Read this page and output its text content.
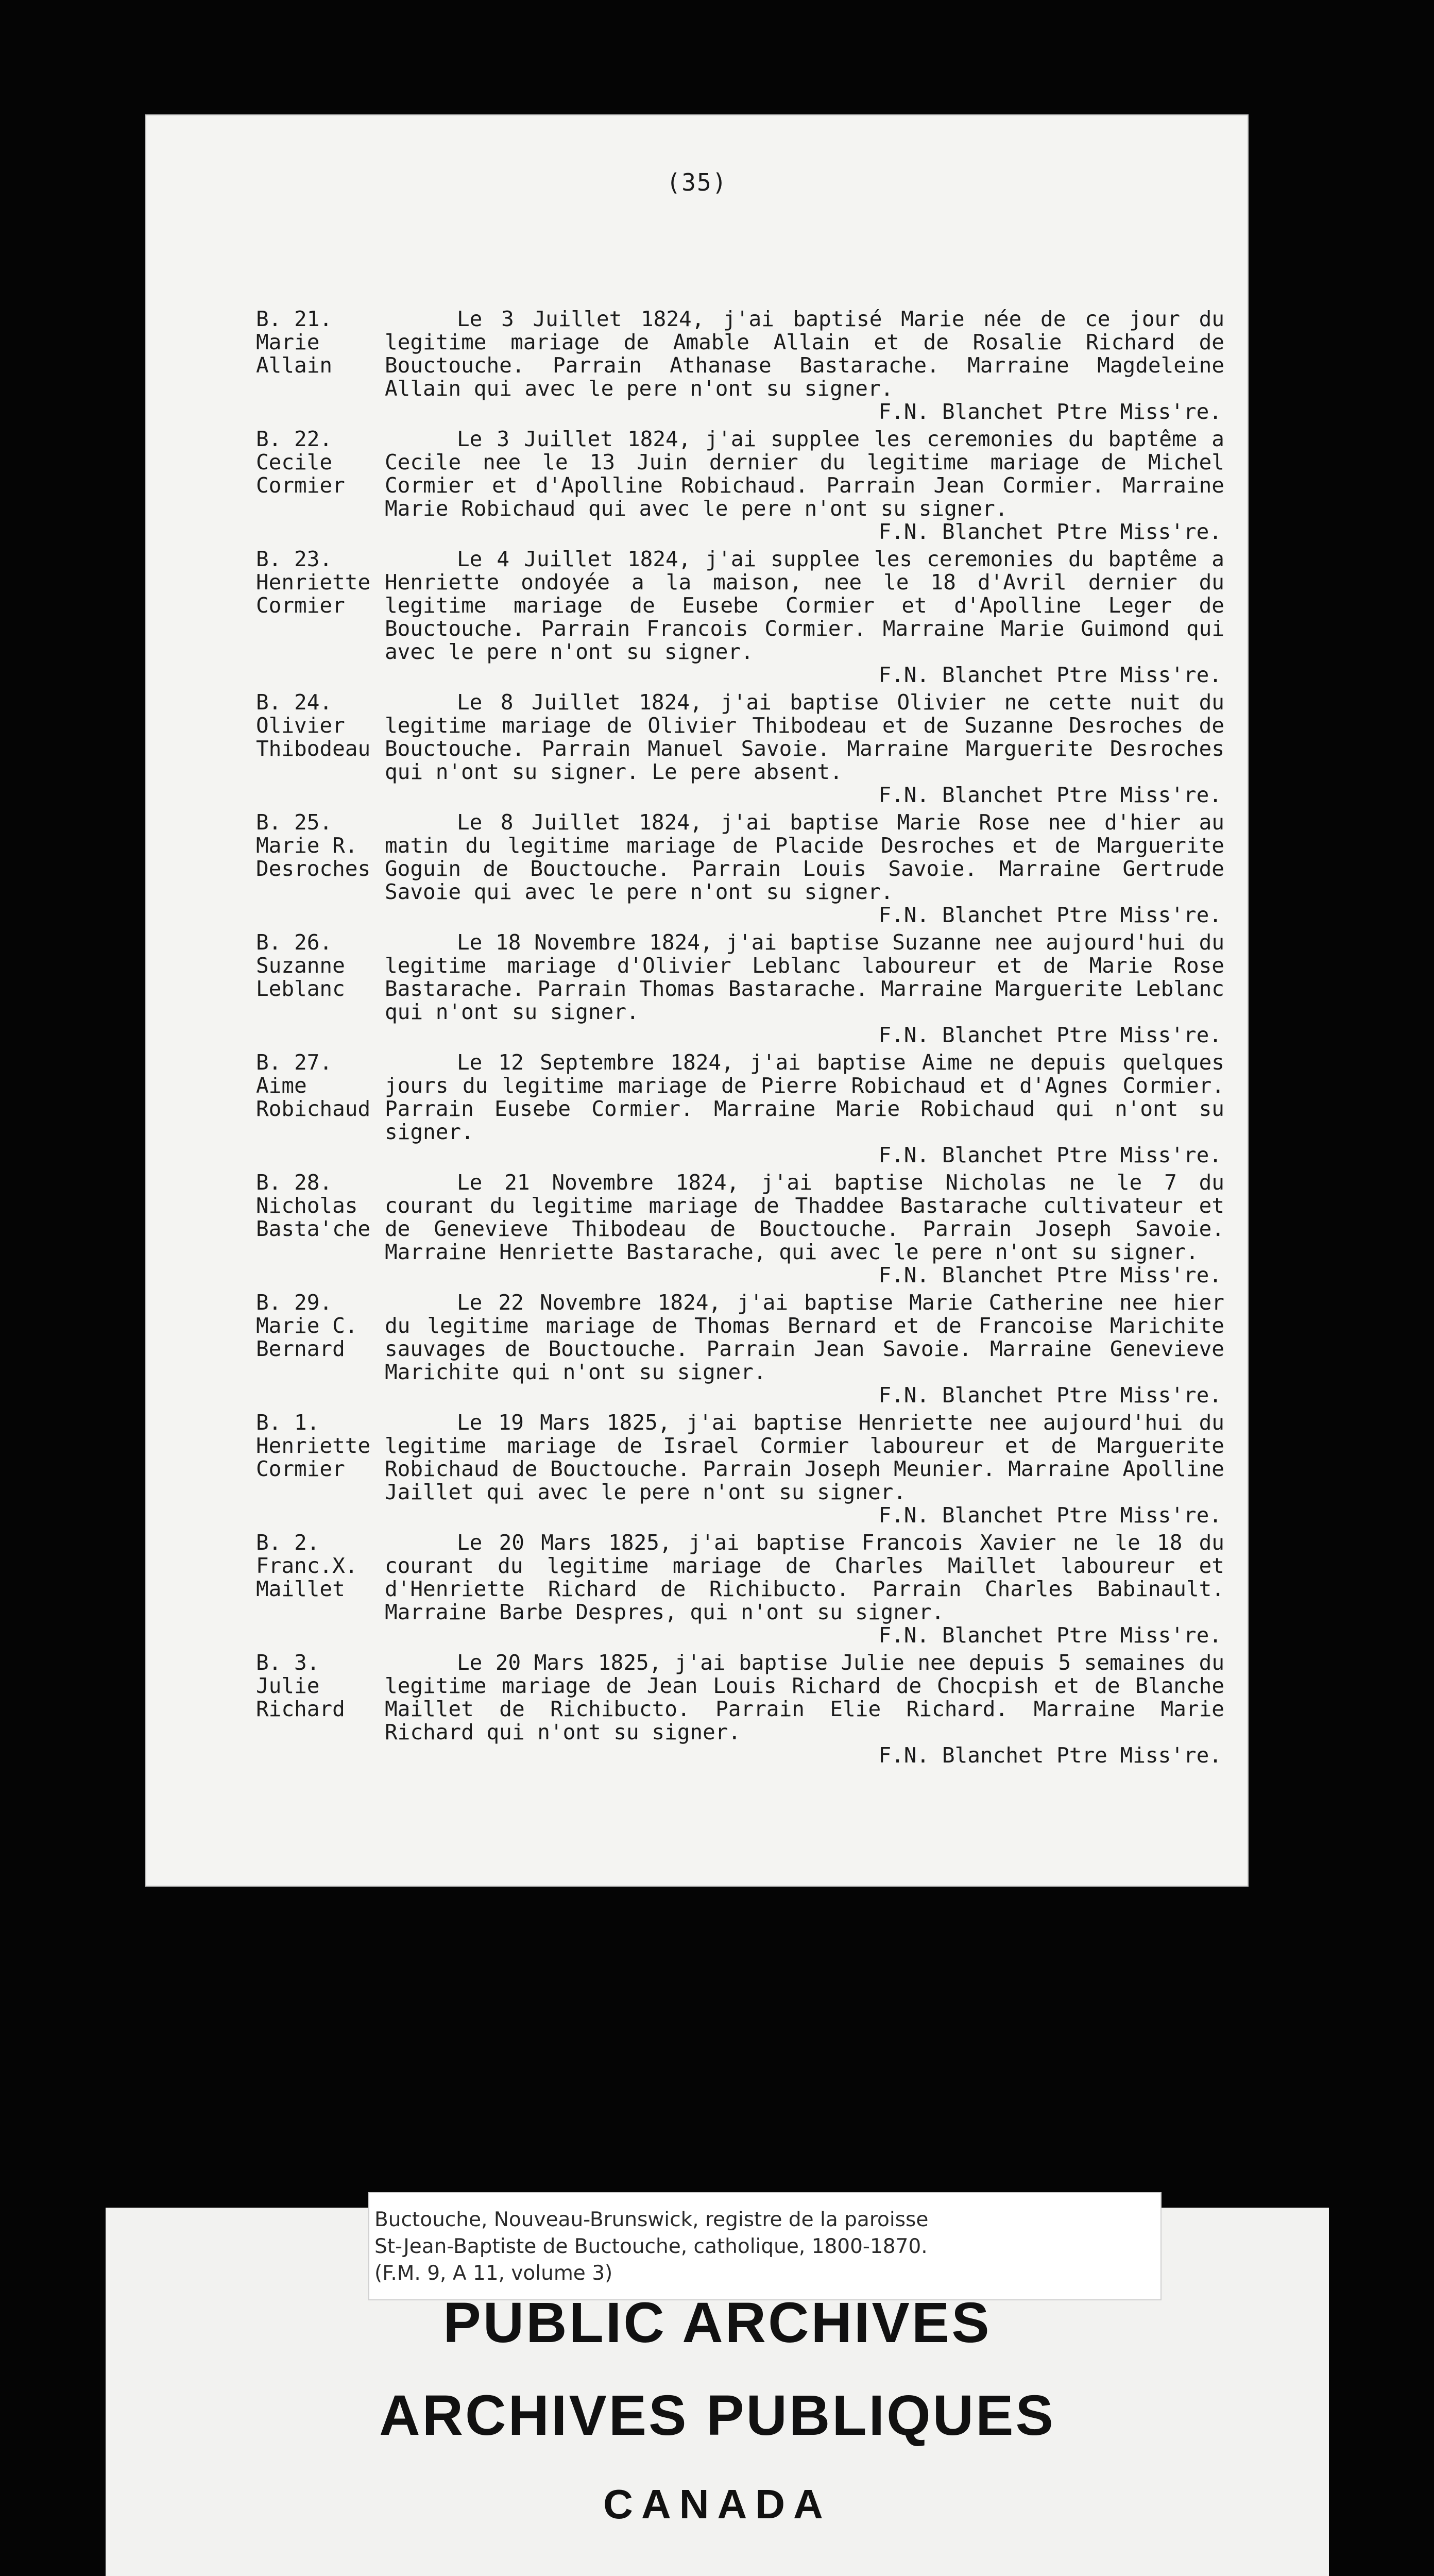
(35)
B. 21.
Marie
Allain
Le 3 Juillet 1824, j'ai baptisé Marie née de ce jour du legitime mariage de Amable Allain et de Rosalie Richard de Bouctouche. Parrain Athanase Bastarache. Marraine Magdeleine Allain qui avec le pere n'ont su signer.
F.N. Blanchet Ptre Miss're.
B. 22.
Cecile
Cormier
Le 3 Juillet 1824, j'ai supplee les ceremonies du baptême a Cecile nee le 13 Juin dernier du legitime mariage de Michel Cormier et d'Apolline Robichaud. Parrain Jean Cormier. Marraine Marie Robichaud qui avec le pere n'ont su signer.
F.N. Blanchet Ptre Miss're.
B. 23.
Henriette
Cormier
Le 4 Juillet 1824, j'ai supplee les ceremonies du baptême a Henriette ondoyée a la maison, nee le 18 d'Avril dernier du legitime mariage de Eusebe Cormier et d'Apolline Leger de Bouctouche. Parrain Francois Cormier. Marraine Marie Guimond qui avec le pere n'ont su signer.
F.N. Blanchet Ptre Miss're.
B. 24.
Olivier
Thibodeau
Le 8 Juillet 1824, j'ai baptise Olivier ne cette nuit du legitime mariage de Olivier Thibodeau et de Suzanne Desroches de Bouctouche. Parrain Manuel Savoie. Marraine Marguerite Desroches qui n'ont su signer. Le pere absent.
F.N. Blanchet Ptre Miss're.
B. 25.
Marie R.
Desroches
Le 8 Juillet 1824, j'ai baptise Marie Rose nee d'hier au matin du legitime mariage de Placide Desroches et de Marguerite Goguin de Bouctouche. Parrain Louis Savoie. Marraine Gertrude Savoie qui avec le pere n'ont su signer.
F.N. Blanchet Ptre Miss're.
B. 26.
Suzanne
Leblanc
Le 18 Novembre 1824, j'ai baptise Suzanne nee aujourd'hui du legitime mariage d'Olivier Leblanc laboureur et de Marie Rose Bastarache. Parrain Thomas Bastarache. Marraine Marguerite Leblanc qui n'ont su signer.
F.N. Blanchet Ptre Miss're.
B. 27.
Aime
Robichaud
Le 12 Septembre 1824, j'ai baptise Aime ne depuis quelques jours du legitime mariage de Pierre Robichaud et d'Agnes Cormier. Parrain Eusebe Cormier. Marraine Marie Robichaud qui n'ont su signer.
F.N. Blanchet Ptre Miss're.
B. 28.
Nicholas
Basta'che
Le 21 Novembre 1824, j'ai baptise Nicholas ne le 7 du courant du legitime mariage de Thaddee Bastarache cultivateur et de Genevieve Thibodeau de Bouctouche. Parrain Joseph Savoie. Marraine Henriette Bastarache, qui avec le pere n'ont su signer.
F.N. Blanchet Ptre Miss're.
B. 29.
Marie C.
Bernard
Le 22 Novembre 1824, j'ai baptise Marie Catherine nee hier du legitime mariage de Thomas Bernard et de Francoise Marichite sauvages de Bouctouche. Parrain Jean Savoie. Marraine Genevieve Marichite qui n'ont su signer.
F.N. Blanchet Ptre Miss're.
B. 1.
Henriette
Cormier
Le 19 Mars 1825, j'ai baptise Henriette nee aujourd'hui du legitime mariage de Israel Cormier laboureur et de Marguerite Robichaud de Bouctouche. Parrain Joseph Meunier. Marraine Apolline Jaillet qui avec le pere n'ont su signer.
F.N. Blanchet Ptre Miss're.
B. 2.
Franc.X.
Maillet
Le 20 Mars 1825, j'ai baptise Francois Xavier ne le 18 du courant du legitime mariage de Charles Maillet laboureur et d'Henriette Richard de Richibucto. Parrain Charles Babinault. Marraine Barbe Despres, qui n'ont su signer.
F.N. Blanchet Ptre Miss're.
B. 3.
Julie
Richard
Le 20 Mars 1825, j'ai baptise Julie nee depuis 5 semaines du legitime mariage de Jean Louis Richard de Chocpish et de Blanche Maillet de Richibucto. Parrain Elie Richard. Marraine Marie Richard qui n'ont su signer.
F.N. Blanchet Ptre Miss're.
Buctouche, Nouveau-Brunswick, registre de la paroisse
St-Jean-Baptiste de Buctouche, catholique, 1800-1870.
(F.M. 9, A 11, volume 3)
PUBLIC ARCHIVES
ARCHIVES PUBLIQUES
CANADA
